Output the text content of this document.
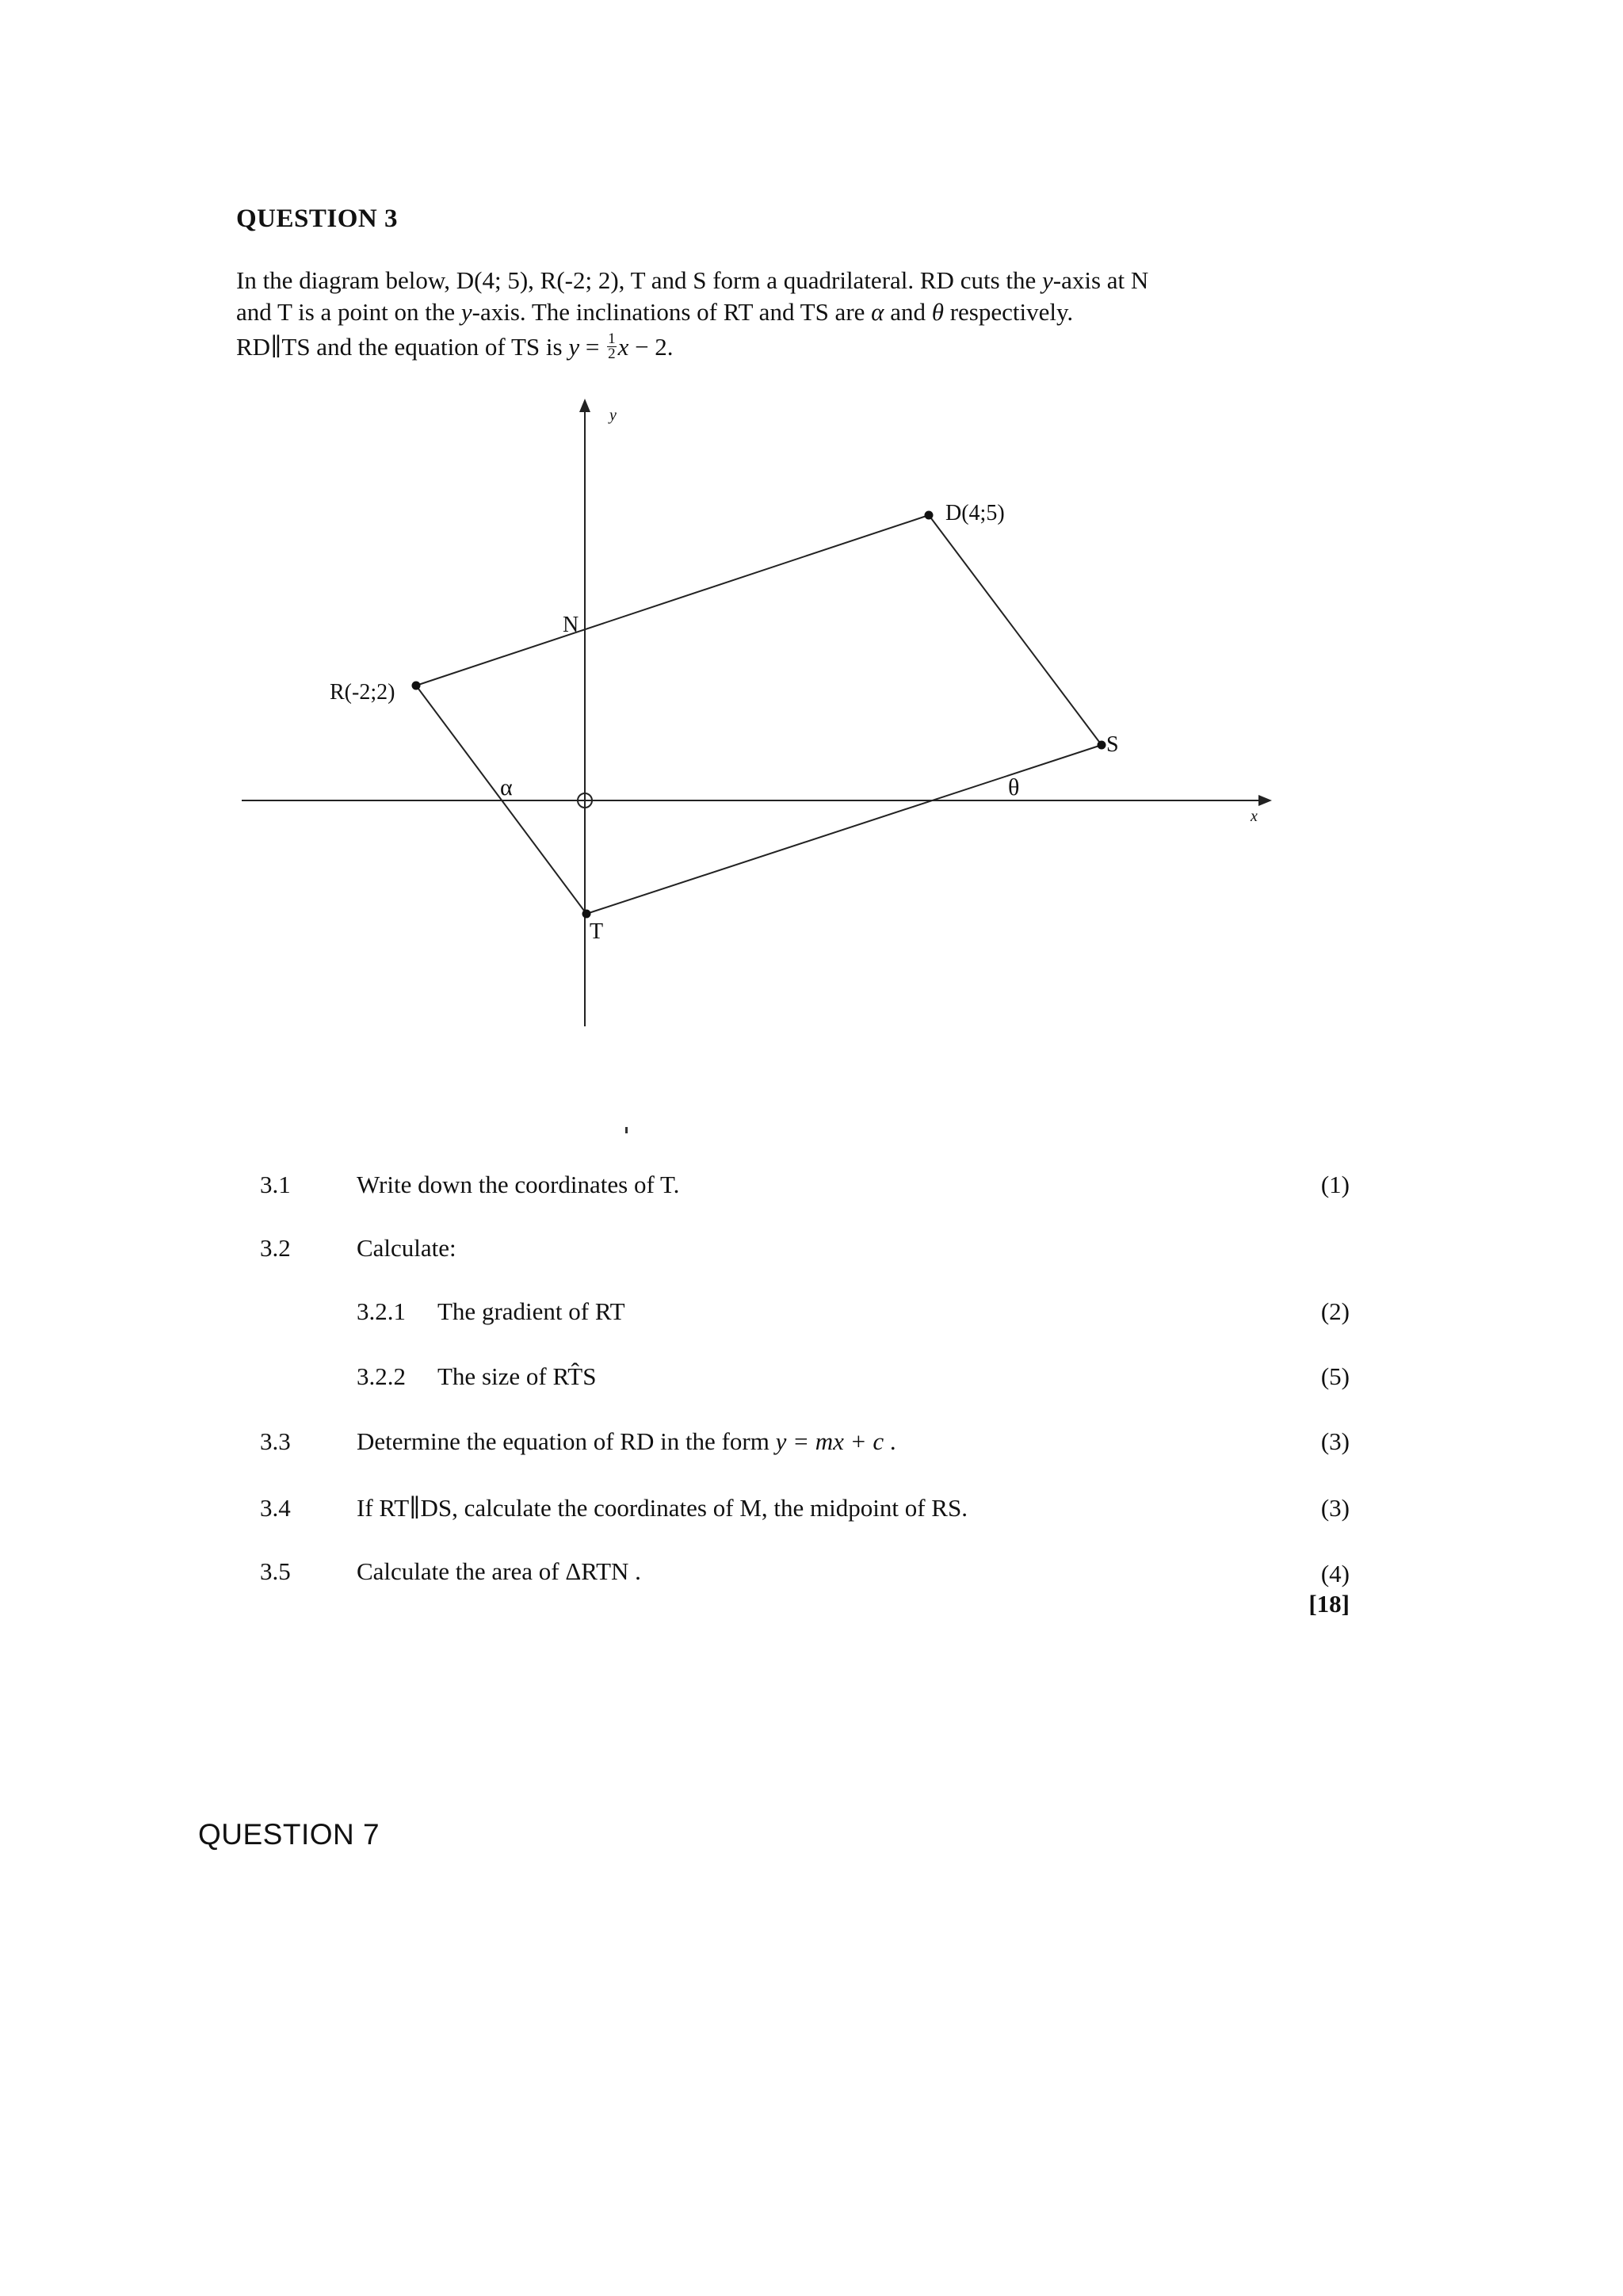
QUESTION 3
In the diagram below, D(4; 5), R(-2; 2), T and S form a quadrilateral. RD cuts the y-axis at N
and T is a point on the y-axis. The inclinations of RT and TS are α and θ respectively.
RD∥TS and the equation of TS is $y = \frac{1}{2}$ x − 2.
y
x
D(4;5)
R(-2;2)
N
S
T
α	θ
3.1	Write down the coordinates of T.	(1)
3.2	Calculate:
3.2.1 The gradient of RT	(2)
3.2.2 The size of RT̂S	(5)
3.3	Determine the equation of RD in the form y = mx + c .	(3)
3.4	If RT∥DS, calculate the coordinates of M, the midpoint of RS.	(3)
3.5	Calculate the area of ΔRTN .	(4)
[18]
QUESTION 7
